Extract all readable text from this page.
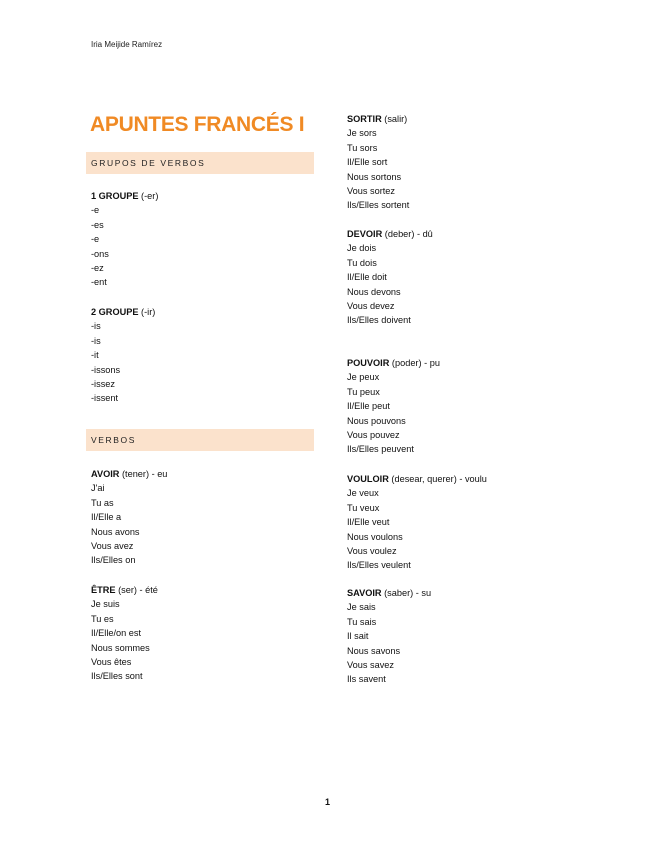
Iria Meijide Ramírez
APUNTES FRANCÉS I
GRUPOS DE VERBOS
VERBOS
1 GROUPE (-er)
-e
-es
-e
-ons
-ez
-ent
2 GROUPE (-ir)
-is
-is
-it
-issons
-issez
-issent
AVOIR (tener) - eu
J'ai
Tu as
Il/Elle a
Nous avons
Vous avez
Ils/Elles on
ÊTRE (ser) - été
Je suis
Tu es
Il/Elle/on est
Nous sommes
Vous êtes
Ils/Elles sont
SORTIR (salir)
Je sors
Tu sors
Il/Elle sort
Nous sortons
Vous sortez
Ils/Elles sortent
DEVOIR (deber) - dû
Je dois
Tu dois
Il/Elle doit
Nous devons
Vous devez
Ils/Elles doivent
POUVOIR (poder) - pu
Je peux
Tu peux
Il/Elle peut
Nous pouvons
Vous pouvez
Ils/Elles peuvent
VOULOIR (desear, querer) - voulu
Je veux
Tu veux
Il/Elle veut
Nous voulons
Vous voulez
Ils/Elles veulent
SAVOIR (saber) - su
Je sais
Tu sais
Il sait
Nous savons
Vous savez
Ils savent
1
